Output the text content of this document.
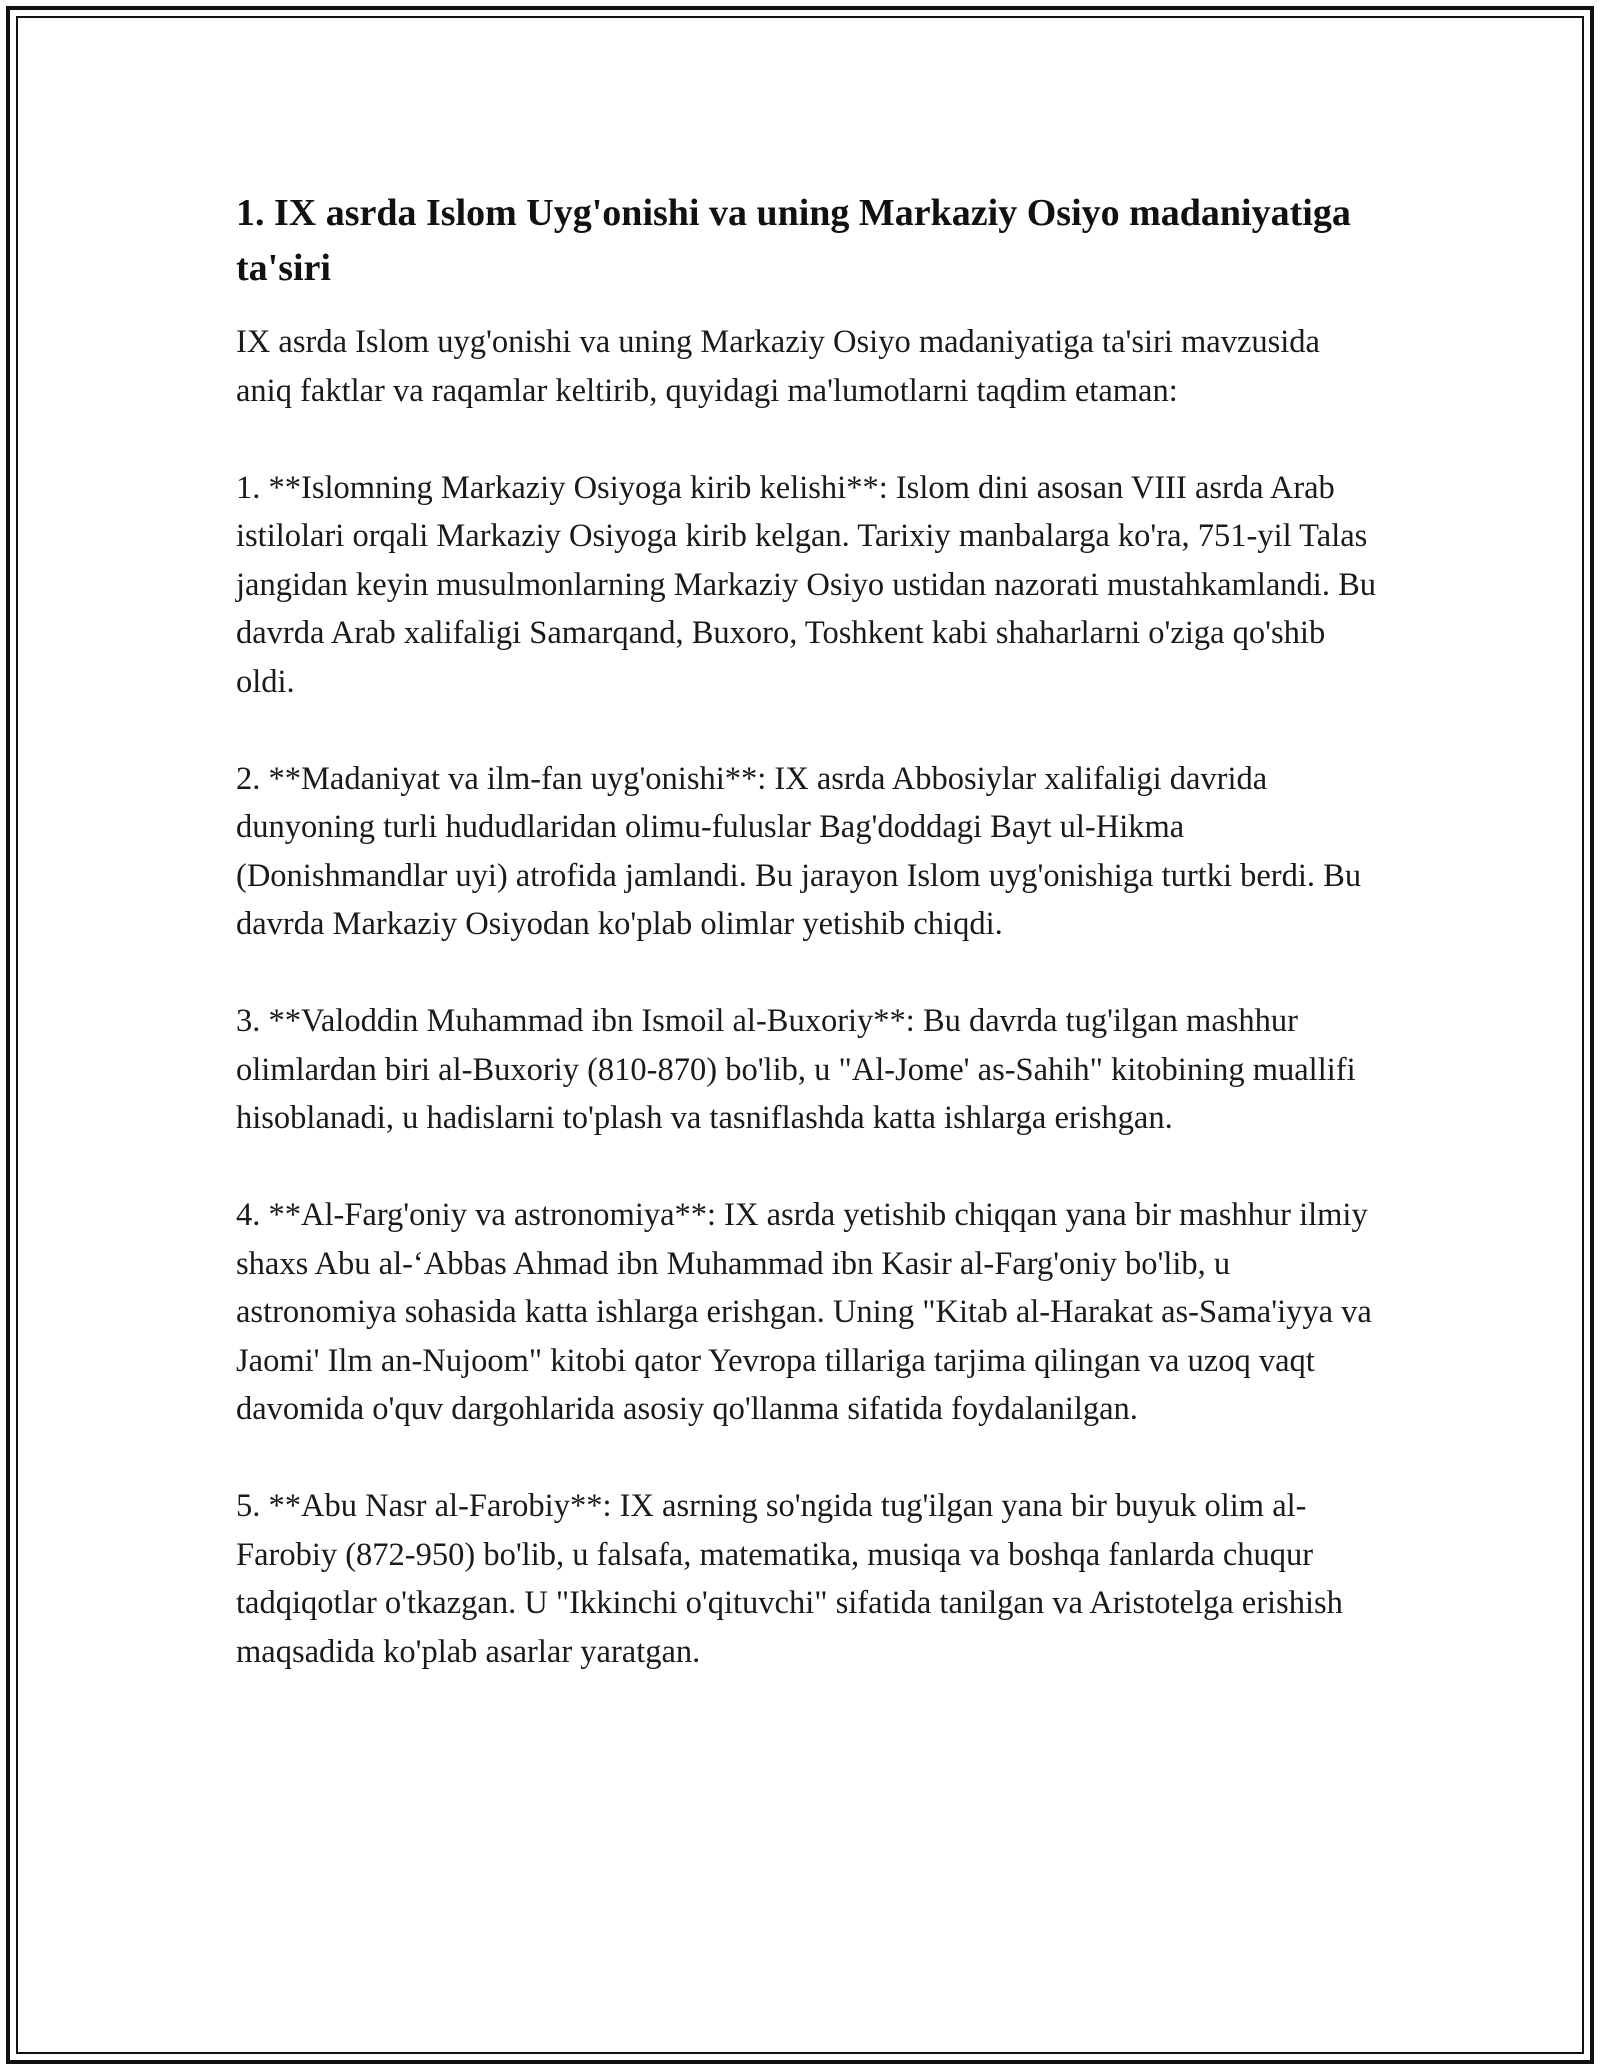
1. IX asrda Islom Uyg'onishi va uning Markaziy Osiyo madaniyatiga ta'siri

IX asrda Islom uyg'onishi va uning Markaziy Osiyo madaniyatiga ta'siri mavzusida aniq faktlar va raqamlar keltirib, quyidagi ma'lumotlarni taqdim etaman:

1. **Islomning Markaziy Osiyoga kirib kelishi**: Islom dini asosan VIII asrda Arab istilolari orqali Markaziy Osiyoga kirib kelgan. Tarixiy manbalarga ko'ra, 751-yil Talas jangidan keyin musulmonlarning Markaziy Osiyo ustidan nazorati mustahkamlandi. Bu davrda Arab xalifaligi Samarqand, Buxoro, Toshkent kabi shaharlarni o'ziga qo'shib oldi.

2. **Madaniyat va ilm-fan uyg'onishi**: IX asrda Abbosiylar xalifaligi davrida dunyoning turli hududlaridan olimu-fuluslar Bag'doddagi Bayt ul-Hikma (Donishmandlar uyi) atrofida jamlandi. Bu jarayon Islom uyg'onishiga turtki berdi. Bu davrda Markaziy Osiyodan ko'plab olimlar yetishib chiqdi.

3. **Valoddin Muhammad ibn Ismoil al-Buxoriy**: Bu davrda tug'ilgan mashhur olimlardan biri al-Buxoriy (810-870) bo'lib, u "Al-Jome' as-Sahih" kitobining muallifi hisoblanadi, u hadislarni to'plash va tasniflashda katta ishlarga erishgan.

4. **Al-Farg'oniy va astronomiya**: IX asrda yetishib chiqqan yana bir mashhur ilmiy shaxs Abu al-‘Abbas Ahmad ibn Muhammad ibn Kasir al-Farg'oniy bo'lib, u astronomiya sohasida katta ishlarga erishgan. Uning "Kitab al-Harakat as-Sama'iyya va Jaomi' Ilm an-Nujoom" kitobi qator Yevropa tillariga tarjima qilingan va uzoq vaqt davomida o'quv dargohlarida asosiy qo'llanma sifatida foydalanilgan.

5. **Abu Nasr al-Farobiy**: IX asrning so'ngida tug'ilgan yana bir buyuk olim al-Farobiy (872-950) bo'lib, u falsafa, matematika, musiqa va boshqa fanlarda chuqur tadqiqotlar o'tkazgan. U "Ikkinchi o'qituvchi" sifatida tanilgan va Aristotelga erishish maqsadida ko'plab asarlar yaratgan.
